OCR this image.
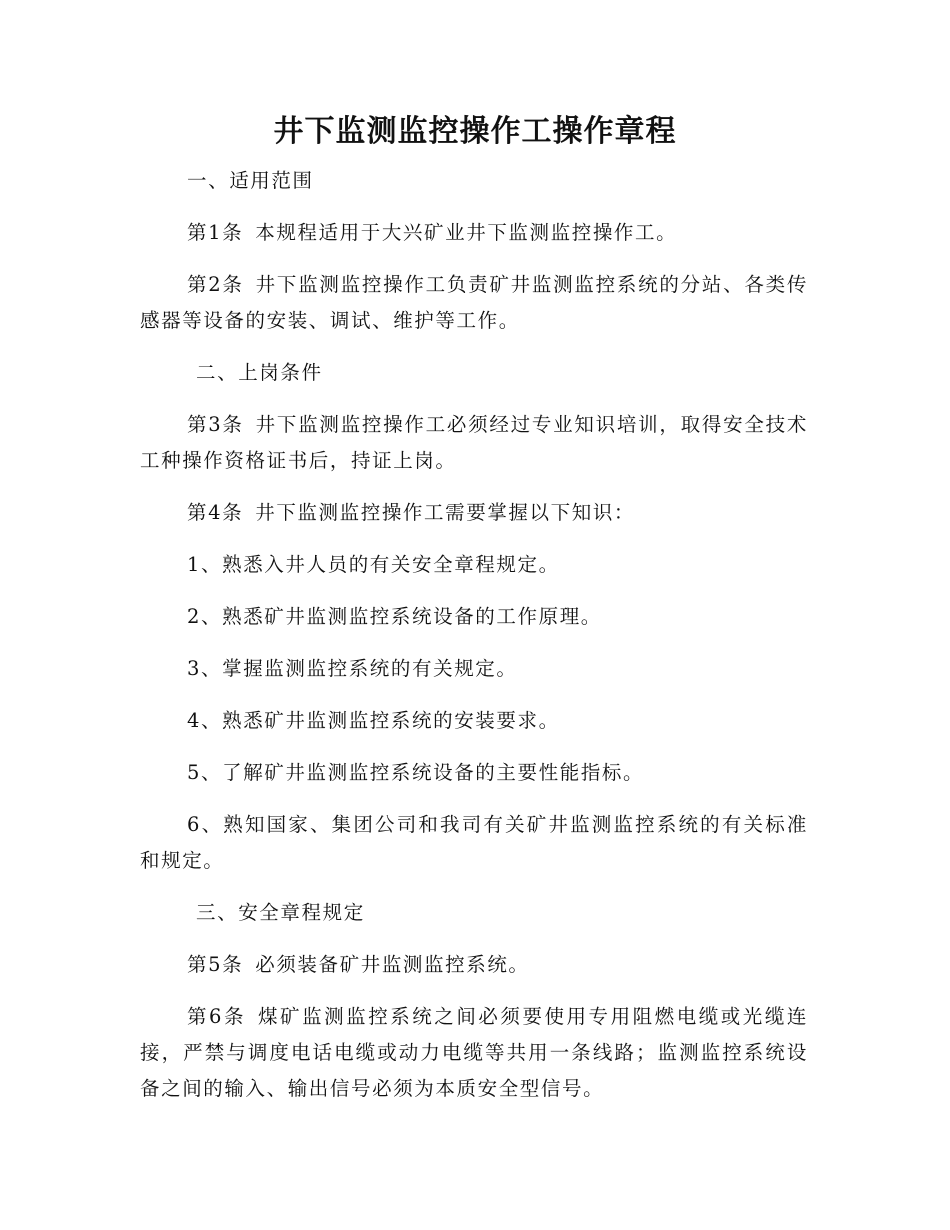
井下监测监控操作工操作章程

一、适用范围

第1条 本规程适用于大兴矿业井下监测监控操作工。

第2条 井下监测监控操作工负责矿井监测监控系统的分站、各类传感器等设备的安装、调试、维护等工作。

二、上岗条件

第3条 井下监测监控操作工必须经过专业知识培训，取得安全技术工种操作资格证书后，持证上岗。

第4条 井下监测监控操作工需要掌握以下知识：

1、熟悉入井人员的有关安全章程规定。

2、熟悉矿井监测监控系统设备的工作原理。

3、掌握监测监控系统的有关规定。

4、熟悉矿井监测监控系统的安装要求。

5、了解矿井监测监控系统设备的主要性能指标。

6、熟知国家、集团公司和我司有关矿井监测监控系统的有关标准和规定。

三、安全章程规定

第5条 必须装备矿井监测监控系统。

第6条 煤矿监测监控系统之间必须要使用专用阻燃电缆或光缆连接，严禁与调度电话电缆或动力电缆等共用一条线路；监测监控系统设备之间的输入、输出信号必须为本质安全型信号。
